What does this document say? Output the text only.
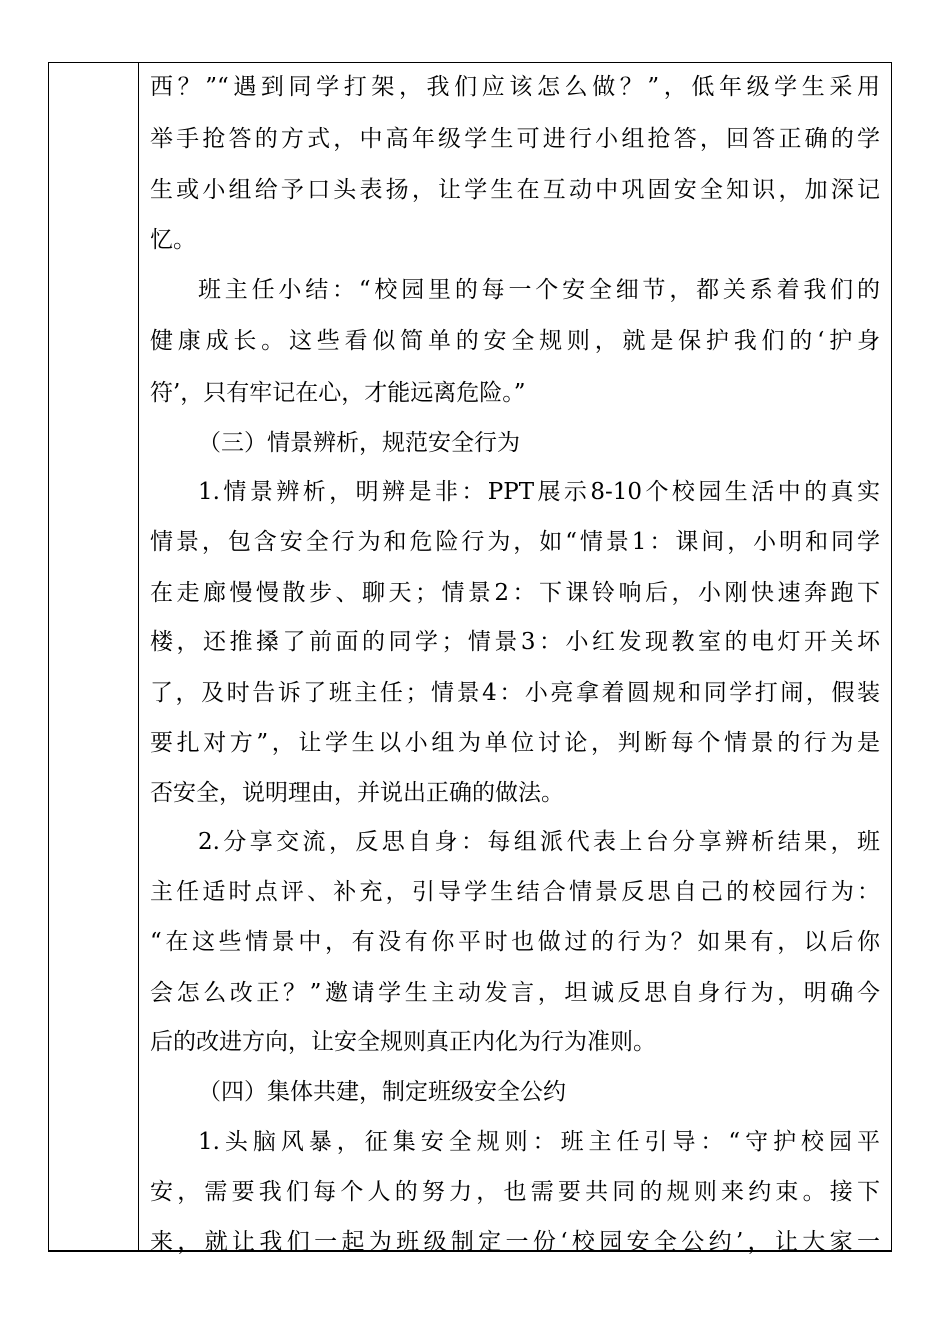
西？”“遇到同学打架，我们应该怎么做？”，低年级学生采用
举手抢答的方式，中高年级学生可进行小组抢答，回答正确的学
生或小组给予口头表扬，让学生在互动中巩固安全知识，加深记
忆。
班主任小结：“校园里的每一个安全细节，都关系着我们的
健康成长。这些看似简单的安全规则，就是保护我们的‘护身
符’，只有牢记在心，才能远离危险。”
（三）情景辨析，规范安全行为
1.情景辨析，明辨是非：PPT展示8-10个校园生活中的真实
情景，包含安全行为和危险行为，如“情景1：课间，小明和同学
在走廊慢慢散步、聊天；情景2：下课铃响后，小刚快速奔跑下
楼，还推搡了前面的同学；情景3：小红发现教室的电灯开关坏
了，及时告诉了班主任；情景4：小亮拿着圆规和同学打闹，假装
要扎对方”，让学生以小组为单位讨论，判断每个情景的行为是
否安全，说明理由，并说出正确的做法。
2.分享交流，反思自身：每组派代表上台分享辨析结果，班
主任适时点评、补充，引导学生结合情景反思自己的校园行为：
“在这些情景中，有没有你平时也做过的行为？如果有，以后你
会怎么改正？”邀请学生主动发言，坦诚反思自身行为，明确今
后的改进方向，让安全规则真正内化为行为准则。
（四）集体共建，制定班级安全公约
1.头脑风暴，征集安全规则：班主任引导：“守护校园平
安，需要我们每个人的努力，也需要共同的规则来约束。接下
来，就让我们一起为班级制定一份‘校园安全公约’，让大家一
